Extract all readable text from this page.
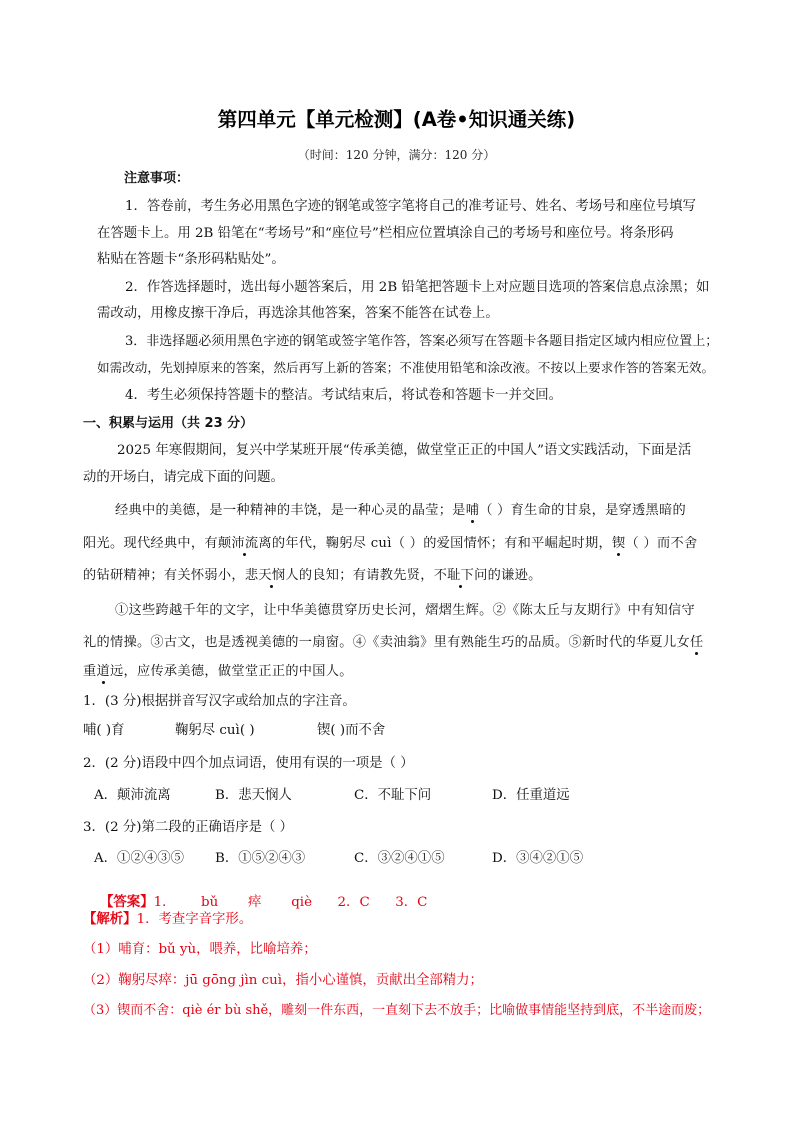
第四单元【单元检测】(A卷•知识通关练)
（时间：120 分钟，满分：120 分）
注意事项：
1．答卷前，考生务必用黑色字迹的钢笔或签字笔将自己的准考证号、姓名、考场号和座位号填写
在答题卡上。用 2B 铅笔在“考场号”和“座位号”栏相应位置填涂自己的考场号和座位号。将条形码
粘贴在答题卡“条形码粘贴处”。
2．作答选择题时，选出每小题答案后，用 2B 铅笔把答题卡上对应题目选项的答案信息点涂黑；如
需改动，用橡皮擦干净后，再选涂其他答案，答案不能答在试卷上。
3．非选择题必须用黑色字迹的钢笔或签字笔作答，答案必须写在答题卡各题目指定区域内相应位置上；
如需改动，先划掉原来的答案，然后再写上新的答案；不准使用铅笔和涂改液。不按以上要求作答的答案无效。
4．考生必须保持答题卡的整洁。考试结束后，将试卷和答题卡一并交回。
一、积累与运用（共 23 分）
2025 年寒假期间，复兴中学某班开展“传承美德，做堂堂正正的中国人”语文实践活动，下面是活
动的开场白，请完成下面的问题。
经典中的美德，是一种精神的丰饶，是一种心灵的晶莹；是哺（ ）育生命的甘泉，是穿透黑暗的
阳光。现代经典中，有颠沛流离的年代，鞠躬尽 cuì（ ）的爱国情怀；有和平崛起时期，锲（ ）而不舍
的钻研精神；有关怀弱小，悲天悯人的良知；有请教先贤，不耻下问的谦逊。
①这些跨越千年的文字，让中华美德贯穿历史长河，熠熠生辉。②《陈太丘与友期行》中有知信守
礼的情操。③古文，也是透视美德的一扇窗。④《卖油翁》里有熟能生巧的品质。⑤新时代的华夏儿女任
重道远，应传承美德，做堂堂正正的中国人。
1．(3 分)根据拼音写汉字或给加点的字注音。
哺( )育	鞠躬尽 cuì( )	锲( )而不舍
2．(2 分)语段中四个加点词语，使用有误的一项是（ ）
A．颠沛流离	B．悲天悯人	C．不耻下问	D．任重道远
3．(2 分)第二段的正确语序是（ ）
A．①②④③⑤ B．①⑤②④③	C．③②④①⑤	D．③④②①⑤

【答案】1．      bǔ       瘁       qiè      2．C      3．C

【解析】1．考查字音字形。
（1）哺育：bǔ yù，喂养，比喻培养；
（2）鞠躬尽瘁：jū gōng jìn cuì，指小心谨慎，贡献出全部精力；
（3）锲而不舍：qiè ér bù shě，雕刻一件东西，一直刻下去不放手；比喻做事情能坚持到底，不半途而废；
